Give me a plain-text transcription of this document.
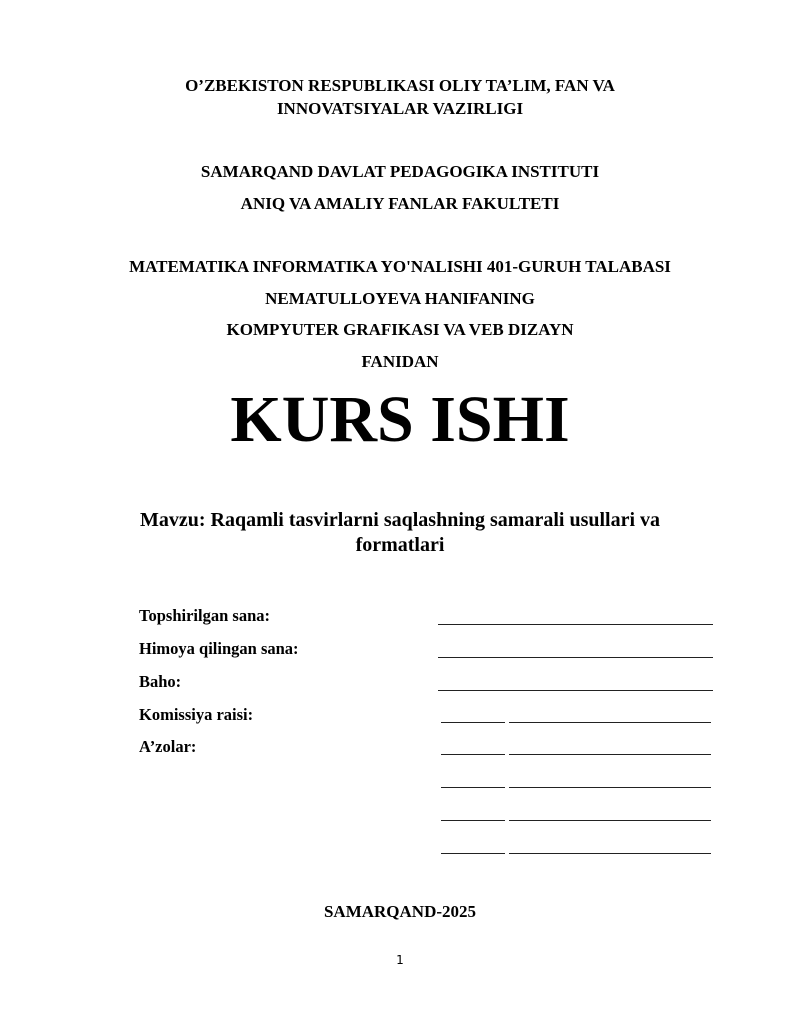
O’ZBEKISTON RESPUBLIKASI OLIY TA’LIM, FAN VA
INNOVATSIYALAR VAZIRLIGI
SAMARQAND DAVLAT PEDAGOGIKA INSTITUTI
ANIQ VA AMALIY FANLAR FAKULTETI
MATEMATIKA INFORMATIKA YO'NALISHI 401-GURUH TALABASI
NEMATULLOYEVA HANIFANING
KOMPYUTER GRAFIKASI VA VEB DIZAYN
FANIDAN
KURS ISHI
Mavzu: Raqamli tasvirlarni saqlashning samarali usullari va
formatlari
Topshirilgan sana:
Himoya qilingan sana:
Baho:
Komissiya raisi:
A’zolar:
SAMARQAND-2025
1
